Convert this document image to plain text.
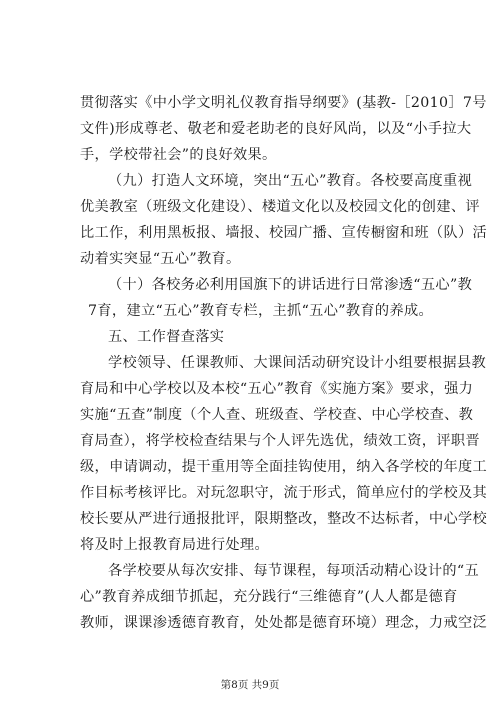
贯彻落实《中小学文明礼仪教育指导纲要》(基教-［2010］7号
文件)形成尊老、敬老和爱老助老的良好风尚，以及“小手拉大
手，学校带社会”的良好效果。
（九）打造人文环境，突出“五心”教育。各校要高度重视
优美教室（班级文化建设）、楼道文化以及校园文化的创建、评
比工作，利用黑板报、墙报、校园广播、宣传橱窗和班（队）活
动着实突显“五心”教育。
（十）各校务必利用国旗下的讲话进行日常渗透“五心”教
7育，建立“五心”教育专栏，主抓“五心”教育的养成。
五、工作督查落实
学校领导、任课教师、大课间活动研究设计小组要根据县教
育局和中心学校以及本校“五心”教育《实施方案》要求，强力
实施“五查”制度（个人查、班级查、学校查、中心学校查、教
育局查），将学校检查结果与个人评先选优，绩效工资，评职晋
级，申请调动，提干重用等全面挂钩使用，纳入各学校的年度工
作目标考核评比。对玩忽职守，流于形式，简单应付的学校及其
校长要从严进行通报批评，限期整改，整改不达标者，中心学校
将及时上报教育局进行处理。
各学校要从每次安排、每节课程，每项活动精心设计的“五
心”教育养成细节抓起，充分践行“三维德育”(人人都是德育
教师，课课渗透德育教育，处处都是德育环境）理念，力戒空泛
第8页 共9页
